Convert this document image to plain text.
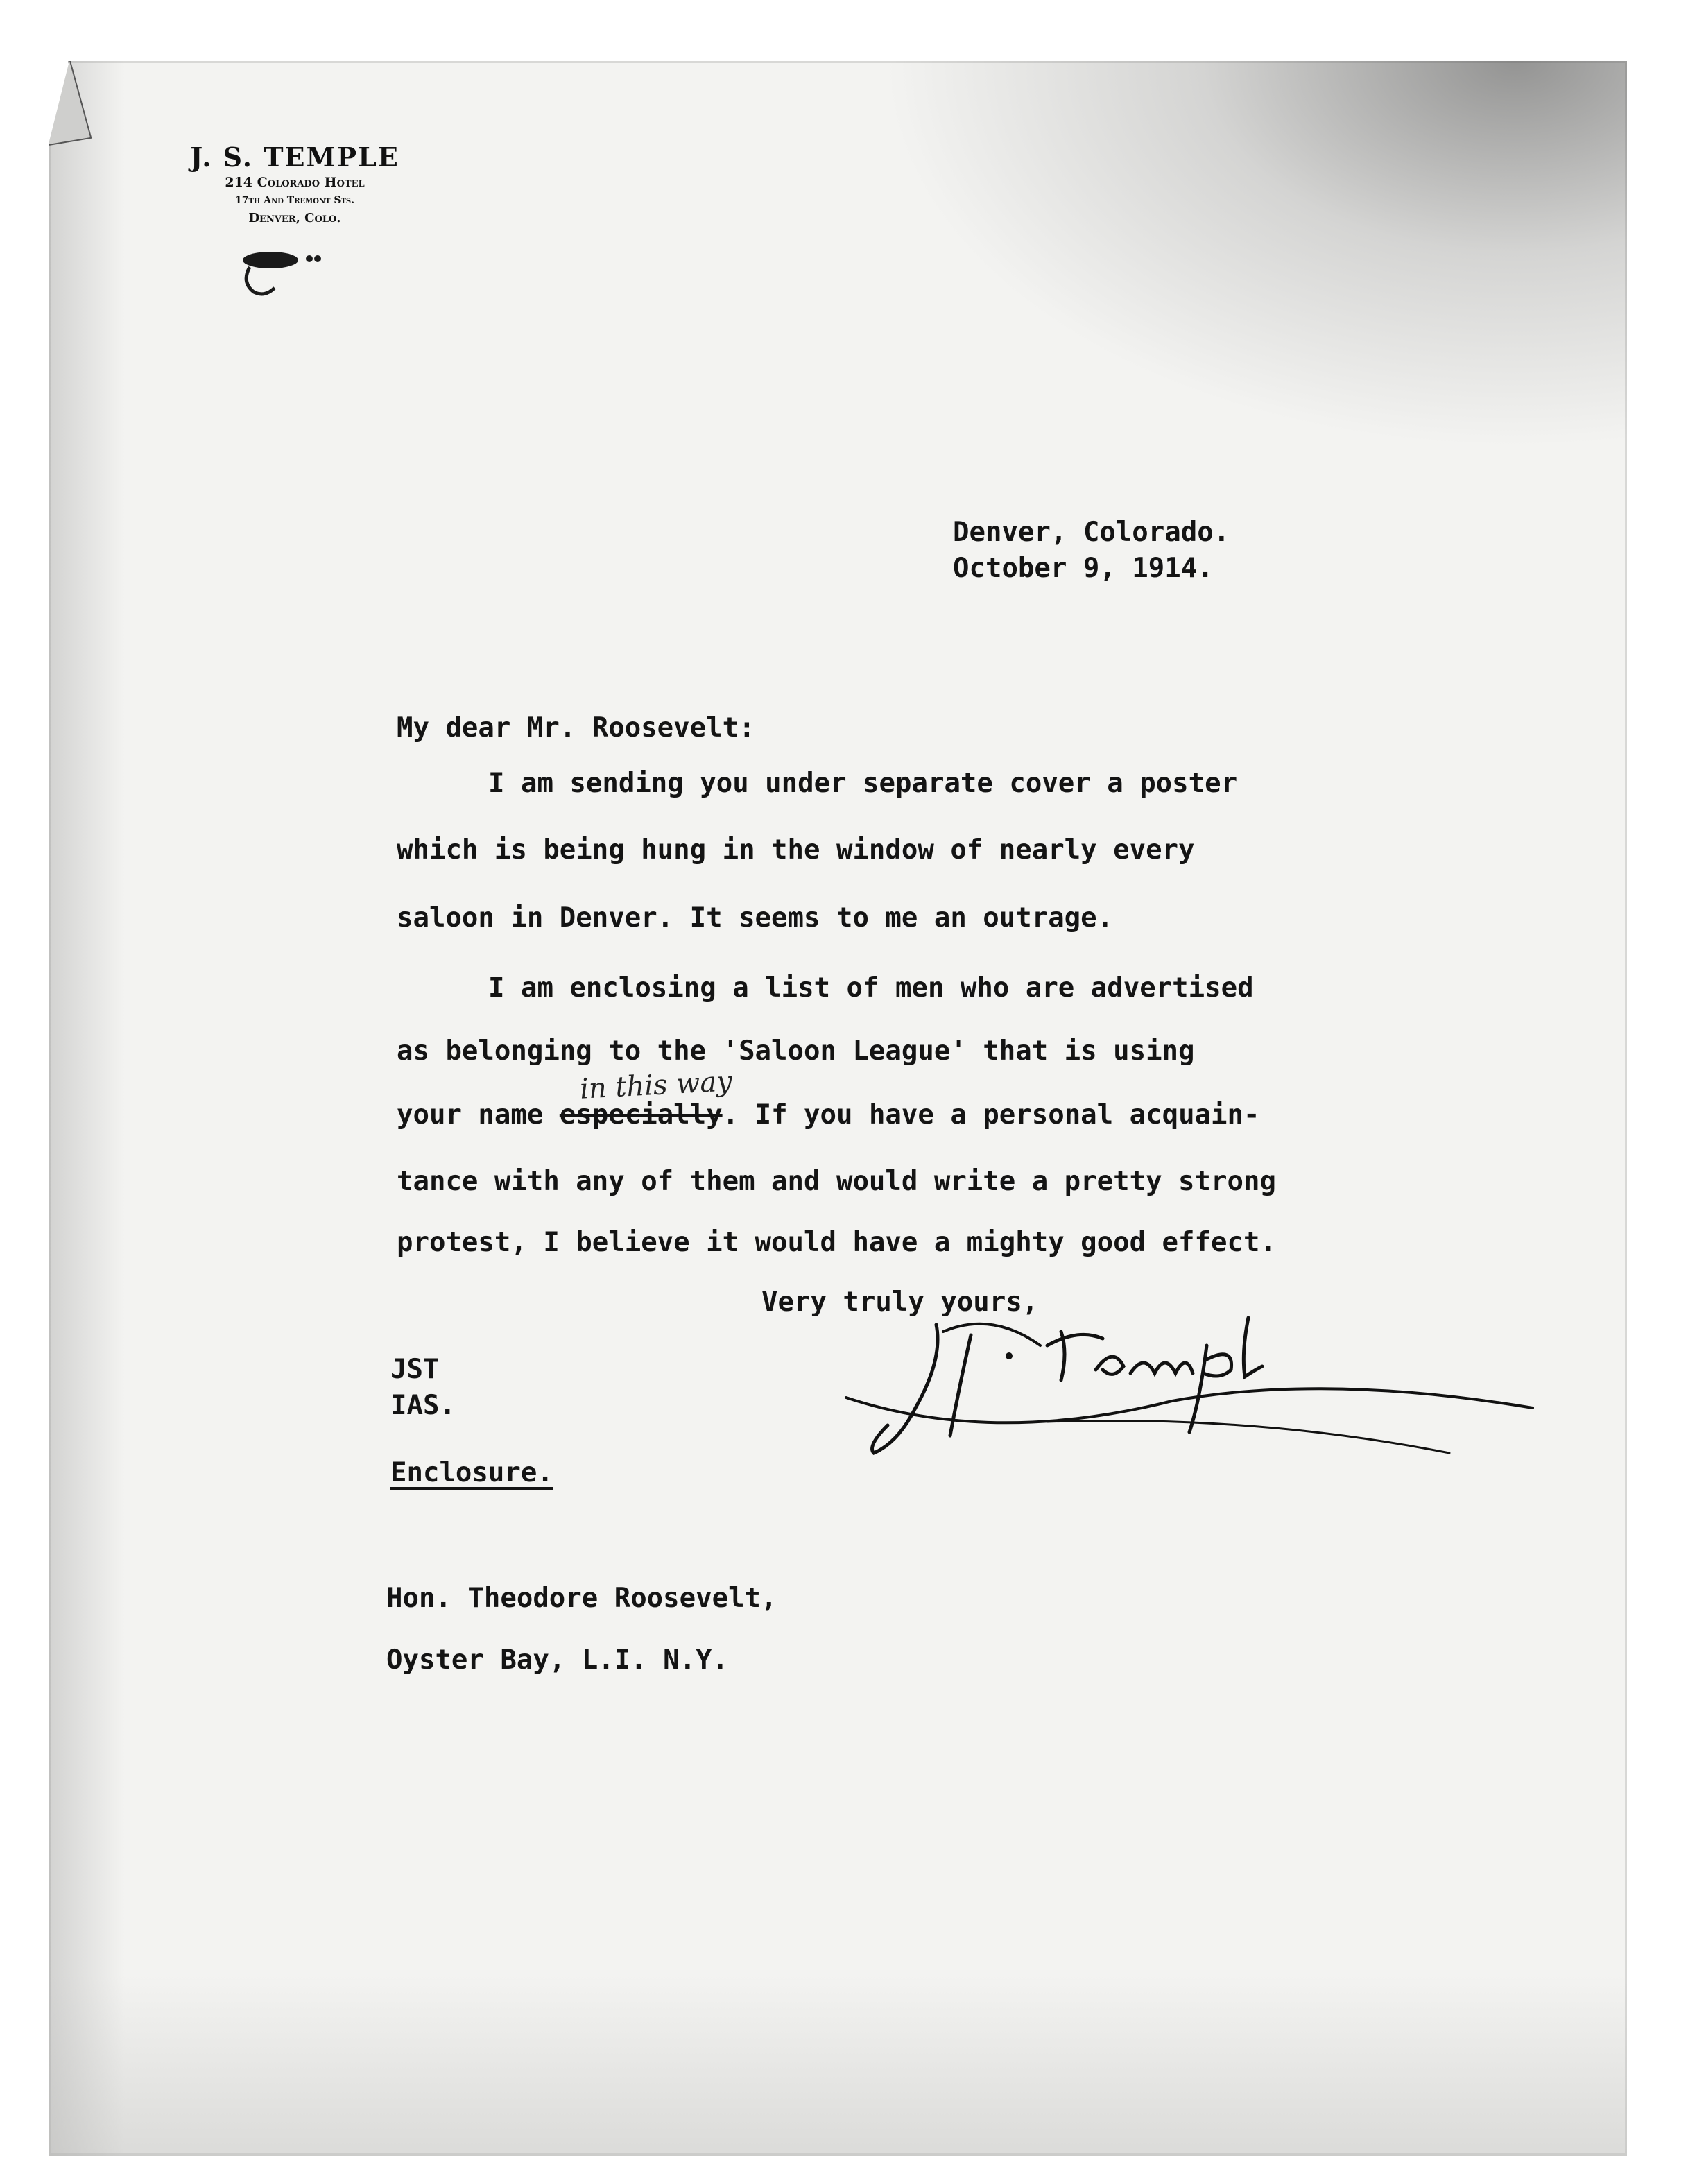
J. S. TEMPLE
214 Colorado Hotel
17th And Tremont Sts.
Denver, Colo.
Denver, Colorado.
October 9, 1914.
My dear Mr. Roosevelt:
I am sending you under separate cover a poster
which is being hung in the window of nearly every
saloon in Denver. It seems to me an outrage.
I am enclosing a list of men who are advertised
as belonging to the 'Saloon League' that is using
your name especially. If you have a personal acquain-
in this way
tance with any of them and would write a pretty strong
protest, I believe it would have a mighty good effect.
Very truly yours,
JST
IAS.
Enclosure.
Hon. Theodore Roosevelt,
Oyster Bay, L.I. N.Y.
